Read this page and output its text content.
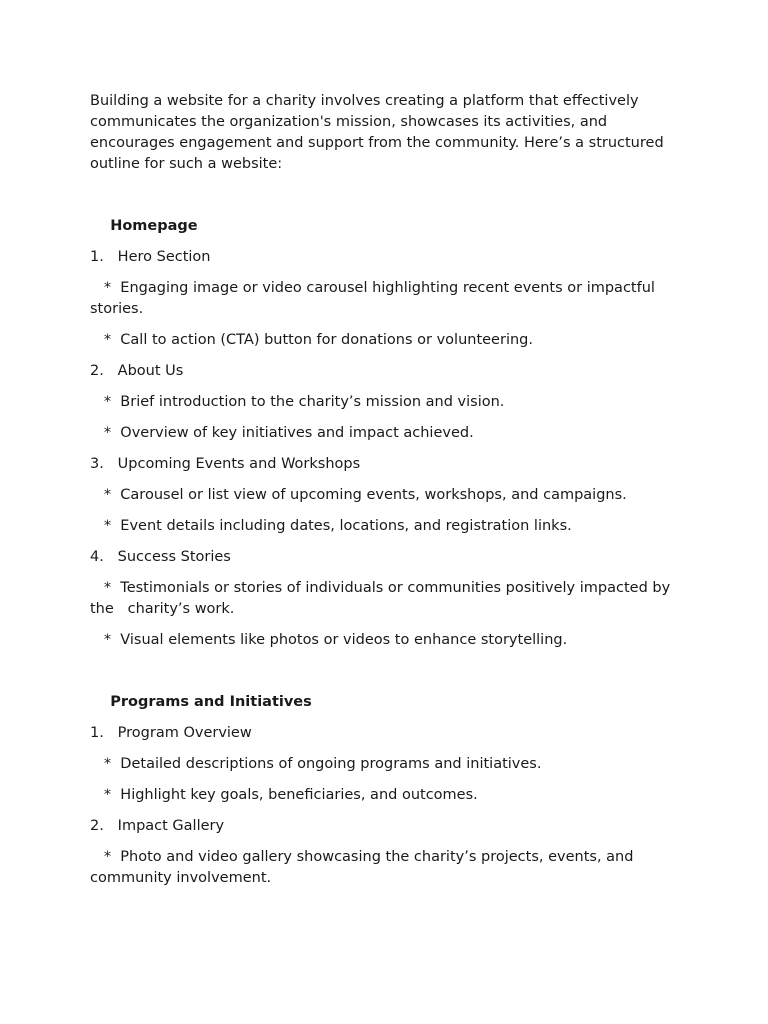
Building a website for a charity involves creating a platform that effectively communicates the organization's mission, showcases its activities, and encourages engagement and support from the community. Here’s a structured outline for such a website:

Homepage

1.   Hero Section

*  Engaging image or video carousel highlighting recent events or impactful stories.

*  Call to action (CTA) button for donations or volunteering.

2.   About Us

*  Brief introduction to the charity’s mission and vision.

*  Overview of key initiatives and impact achieved.

3.   Upcoming Events and Workshops

*  Carousel or list view of upcoming events, workshops, and campaigns.

*  Event details including dates, locations, and registration links.

4.   Success Stories

*  Testimonials or stories of individuals or communities positively impacted by the   charity’s work.

*  Visual elements like photos or videos to enhance storytelling.

Programs and Initiatives

1.   Program Overview

*  Detailed descriptions of ongoing programs and initiatives.

*  Highlight key goals, beneficiaries, and outcomes.

2.   Impact Gallery

*  Photo and video gallery showcasing the charity’s projects, events, and community involvement.
